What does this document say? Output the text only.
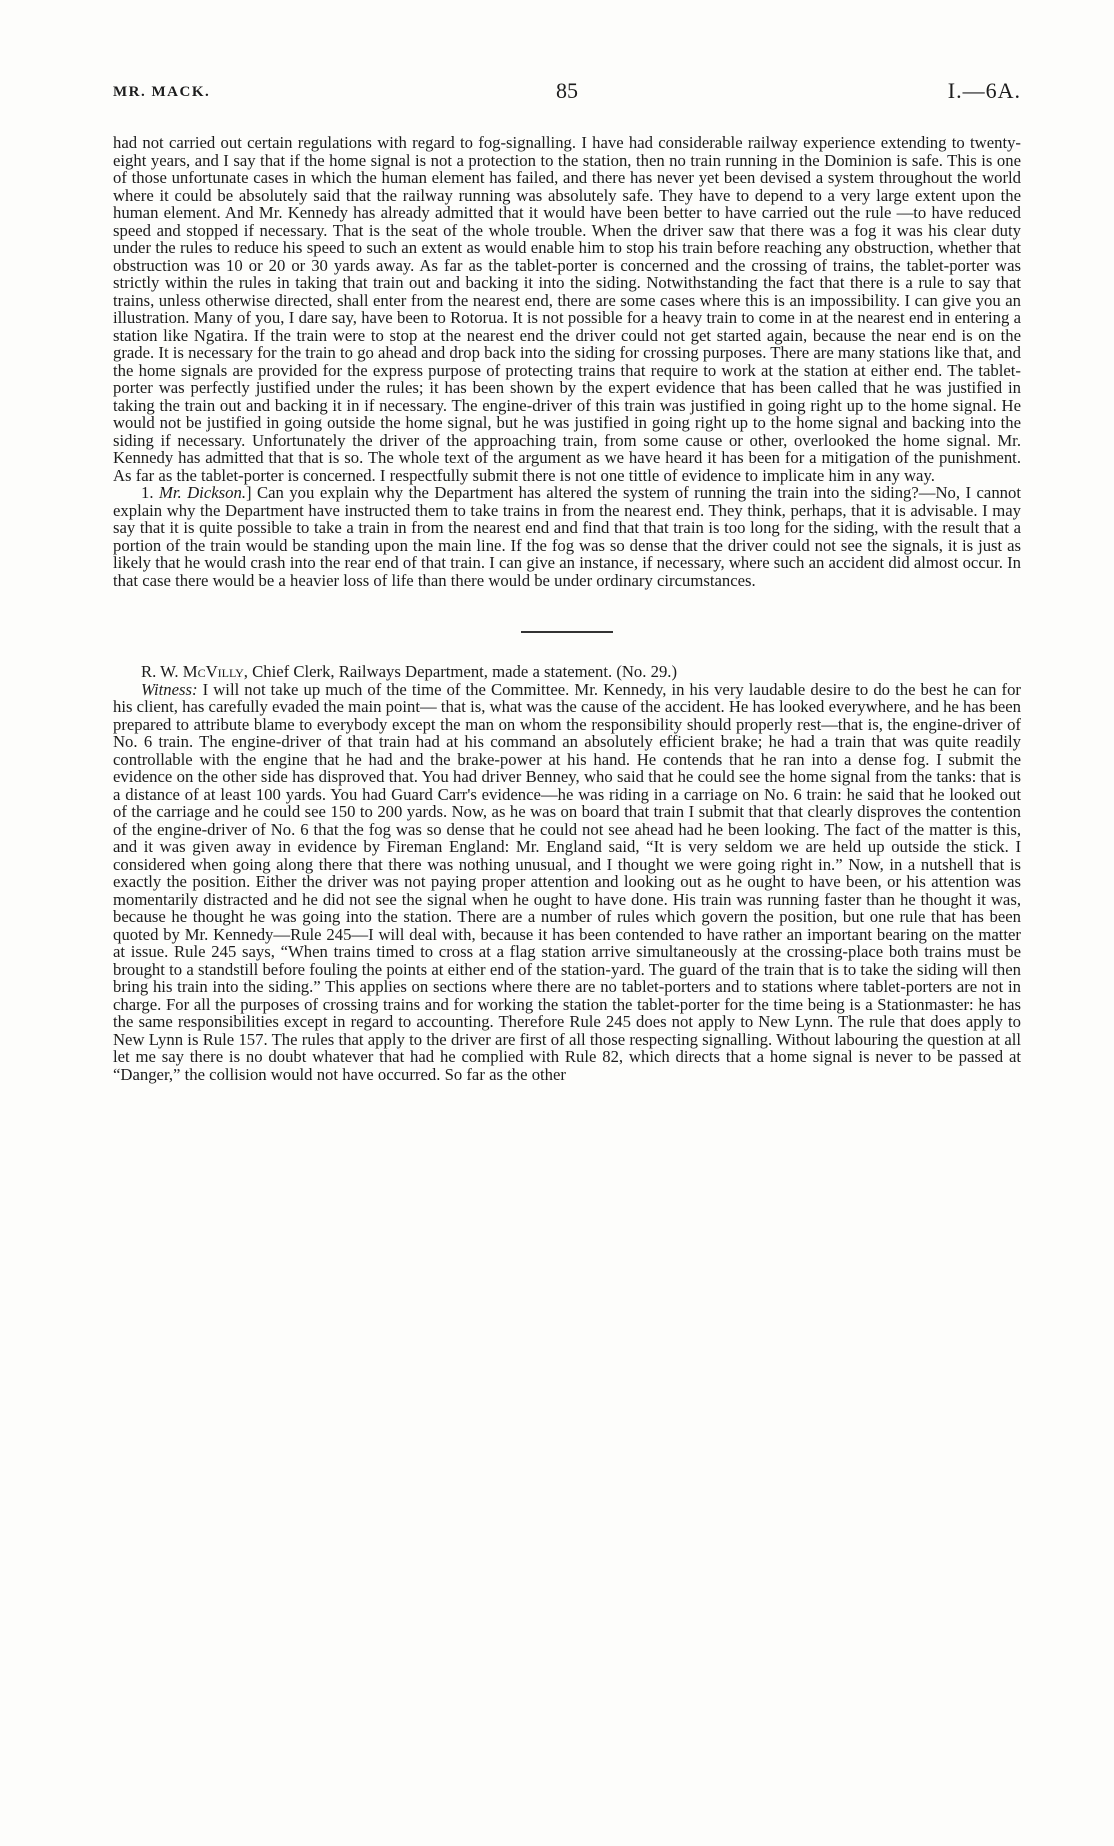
MR. MACK.	85	I.—6A.

had not carried out certain regulations with regard to fog-signalling. I have had considerable railway experience extending to twenty-eight years, and I say that if the home signal is not a protection to the station, then no train running in the Dominion is safe. This is one of those unfortunate cases in which the human element has failed, and there has never yet been devised a system throughout the world where it could be absolutely said that the railway running was absolutely safe. They have to depend to a very large extent upon the human element. And Mr. Kennedy has already admitted that it would have been better to have carried out the rule —to have reduced speed and stopped if necessary. That is the seat of the whole trouble. When the driver saw that there was a fog it was his clear duty under the rules to reduce his speed to such an extent as would enable him to stop his train before reaching any obstruction, whether that obstruction was 10 or 20 or 30 yards away. As far as the tablet-porter is concerned and the crossing of trains, the tablet-porter was strictly within the rules in taking that train out and backing it into the siding. Notwithstanding the fact that there is a rule to say that trains, unless otherwise directed, shall enter from the nearest end, there are some cases where this is an impossibility. I can give you an illustration. Many of you, I dare say, have been to Rotorua. It is not possible for a heavy train to come in at the nearest end in entering a station like Ngatira. If the train were to stop at the nearest end the driver could not get started again, because the near end is on the grade. It is necessary for the train to go ahead and drop back into the siding for crossing purposes. There are many stations like that, and the home signals are provided for the express purpose of protecting trains that require to work at the station at either end. The tablet-porter was perfectly justified under the rules; it has been shown by the expert evidence that has been called that he was justified in taking the train out and backing it in if necessary. The engine-driver of this train was justified in going right up to the home signal. He would not be justified in going outside the home signal, but he was justified in going right up to the home signal and backing into the siding if necessary. Unfortunately the driver of the approaching train, from some cause or other, overlooked the home signal. Mr. Kennedy has admitted that that is so. The whole text of the argument as we have heard it has been for a mitigation of the punishment. As far as the tablet-porter is concerned. I respectfully submit there is not one tittle of evidence to implicate him in any way.

1. Mr. Dickson.] Can you explain why the Department has altered the system of running the train into the siding?—No, I cannot explain why the Department have instructed them to take trains in from the nearest end. They think, perhaps, that it is advisable. I may say that it is quite possible to take a train in from the nearest end and find that that train is too long for the siding, with the result that a portion of the train would be standing upon the main line. If the fog was so dense that the driver could not see the signals, it is just as likely that he would crash into the rear end of that train. I can give an instance, if necessary, where such an accident did almost occur. In that case there would be a heavier loss of life than there would be under ordinary circumstances.

R. W. McVilly, Chief Clerk, Railways Department, made a statement. (No. 29.)

Witness: I will not take up much of the time of the Committee. Mr. Kennedy, in his very laudable desire to do the best he can for his client, has carefully evaded the main point— that is, what was the cause of the accident. He has looked everywhere, and he has been prepared to attribute blame to everybody except the man on whom the responsibility should properly rest—that is, the engine-driver of No. 6 train. The engine-driver of that train had at his command an absolutely efficient brake; he had a train that was quite readily controllable with the engine that he had and the brake-power at his hand. He contends that he ran into a dense fog. I submit the evidence on the other side has disproved that. You had driver Benney, who said that he could see the home signal from the tanks: that is a distance of at least 100 yards. You had Guard Carr's evidence—he was riding in a carriage on No. 6 train: he said that he looked out of the carriage and he could see 150 to 200 yards. Now, as he was on board that train I submit that that clearly disproves the contention of the engine-driver of No. 6 that the fog was so dense that he could not see ahead had he been looking. The fact of the matter is this, and it was given away in evidence by Fireman England: Mr. England said, “It is very seldom we are held up outside the stick. I considered when going along there that there was nothing unusual, and I thought we were going right in.” Now, in a nutshell that is exactly the position. Either the driver was not paying proper attention and looking out as he ought to have been, or his attention was momentarily distracted and he did not see the signal when he ought to have done. His train was running faster than he thought it was, because he thought he was going into the station. There are a number of rules which govern the position, but one rule that has been quoted by Mr. Kennedy—Rule 245—I will deal with, because it has been contended to have rather an important bearing on the matter at issue. Rule 245 says, “When trains timed to cross at a flag station arrive simultaneously at the crossing-place both trains must be brought to a standstill before fouling the points at either end of the station-yard. The guard of the train that is to take the siding will then bring his train into the siding.” This applies on sections where there are no tablet-porters and to stations where tablet-porters are not in charge. For all the purposes of crossing trains and for working the station the tablet-porter for the time being is a Stationmaster: he has the same responsibilities except in regard to accounting. Therefore Rule 245 does not apply to New Lynn. The rule that does apply to New Lynn is Rule 157. The rules that apply to the driver are first of all those respecting signalling. Without labouring the question at all let me say there is no doubt whatever that had he complied with Rule 82, which directs that a home signal is never to be passed at “Danger,” the collision would not have occurred. So far as the other
